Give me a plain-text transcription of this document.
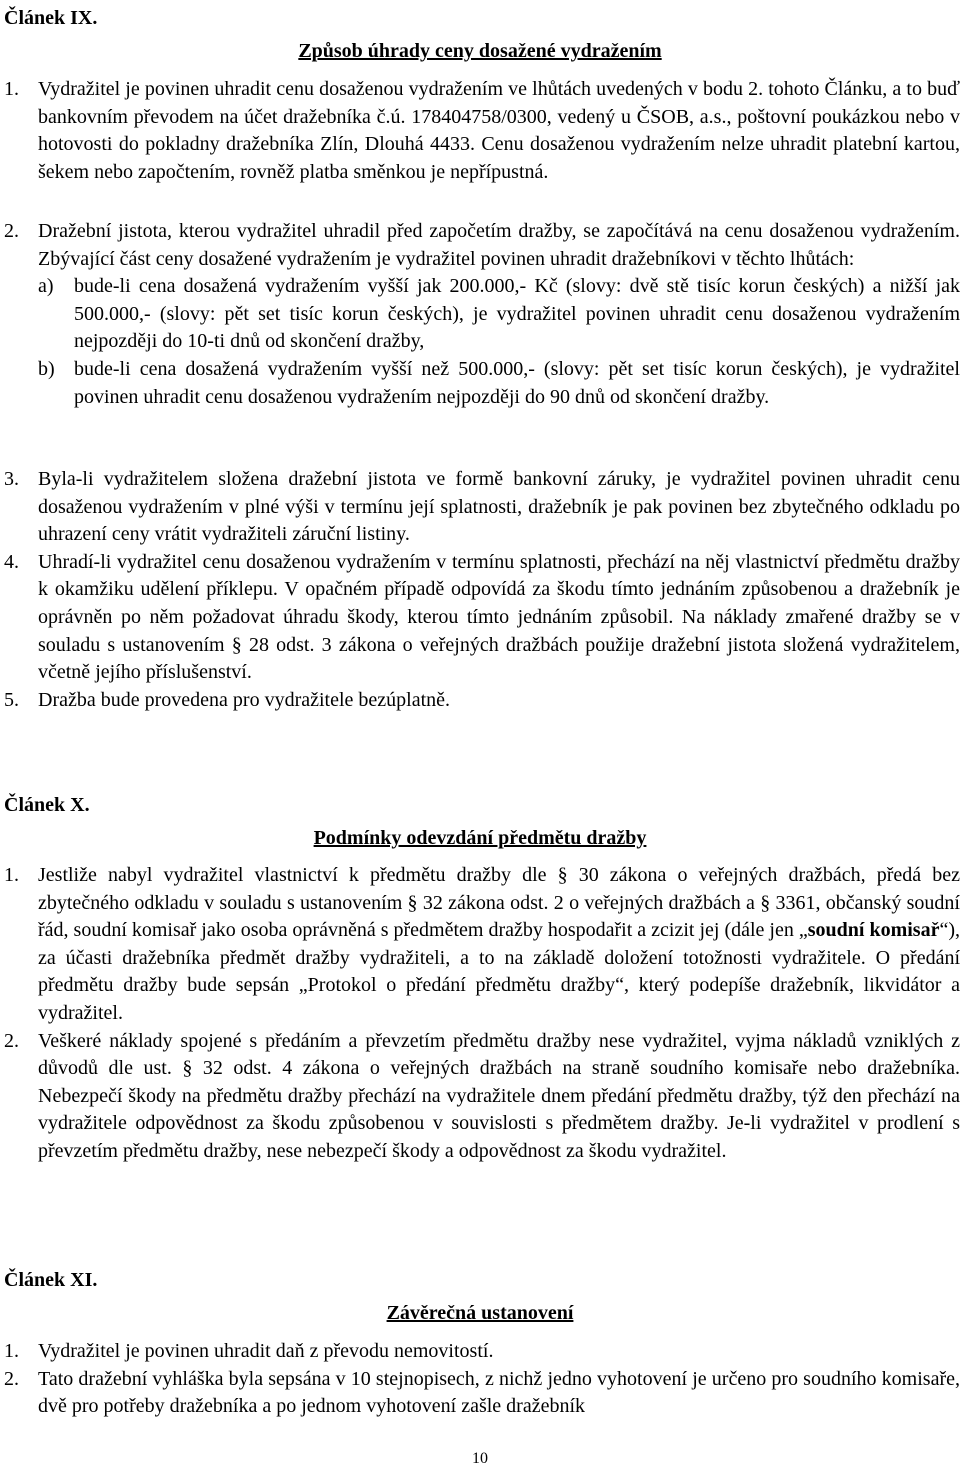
Článek IX.
Způsob úhrady ceny dosažené vydražením
1. Vydražitel je povinen uhradit cenu dosaženou vydražením ve lhůtách uvedených v bodu 2. tohoto Článku, a to buď bankovním převodem na účet dražebníka č.ú. 178404758/0300, vedený u ČSOB, a.s., poštovní poukázkou nebo v hotovosti do pokladny dražebníka Zlín, Dlouhá 4433. Cenu dosaženou vydražením nelze uhradit platební kartou, šekem nebo započtením, rovněž platba směnkou je nepřípustná.
2. Dražební jistota, kterou vydražitel uhradil před započetím dražby, se započítává na cenu dosaženou vydražením. Zbývající část ceny dosažené vydražením je vydražitel povinen uhradit dražebníkovi v těchto lhůtách:
a) bude-li cena dosažená vydražením vyšší jak 200.000,- Kč (slovy: dvě stě tisíc korun českých) a nižší jak 500.000,- (slovy: pět set tisíc korun českých), je vydražitel povinen uhradit cenu dosaženou vydražením nejpozději do 10-ti dnů od skončení dražby,
b) bude-li cena dosažená vydražením vyšší než 500.000,- (slovy: pět set tisíc korun českých), je vydražitel povinen uhradit cenu dosaženou vydražením nejpozději do 90 dnů od skončení dražby.
3. Byla-li vydražitelem složena dražební jistota ve formě bankovní záruky, je vydražitel povinen uhradit cenu dosaženou vydražením v plné výši v termínu její splatnosti, dražebník je pak povinen bez zbytečného odkladu po uhrazení ceny vrátit vydražiteli záruční listiny.
4. Uhradí-li vydražitel cenu dosaženou vydražením v termínu splatnosti, přechází na něj vlastnictví předmětu dražby k okamžiku udělení příklepu. V opačném případě odpovídá za škodu tímto jednáním způsobenou a dražebník je oprávněn po něm požadovat úhradu škody, kterou tímto jednáním způsobil. Na náklady zmařené dražby se v souladu s ustanovením § 28 odst. 3 zákona o veřejných dražbách použije dražební jistota složená vydražitelem, včetně jejího příslušenství.
5. Dražba bude provedena pro vydražitele bezúplatně.
Článek X.
Podmínky odevzdání předmětu dražby
1. Jestliže nabyl vydražitel vlastnictví k předmětu dražby dle § 30 zákona o veřejných dražbách, předá bez zbytečného odkladu v souladu s ustanovením § 32 zákona odst. 2 o veřejných dražbách a § 3361, občanský soudní řád, soudní komisař jako osoba oprávněná s předmětem dražby hospodařit a zcizit jej (dále jen „soudní komisař“), za účasti dražebníka předmět dražby vydražiteli, a to na základě doložení totožnosti vydražitele. O předání předmětu dražby bude sepsán „Protokol o předání předmětu dražby“, který podepíše dražebník, likvidátor a vydražitel.
2. Veškeré náklady spojené s předáním a převzetím předmětu dražby nese vydražitel, vyjma nákladů vzniklých z důvodů dle ust. § 32 odst. 4 zákona o veřejných dražbách na straně soudního komisaře nebo dražebníka. Nebezpečí škody na předmětu dražby přechází na vydražitele dnem předání předmětu dražby, týž den přechází na vydražitele odpovědnost za škodu způsobenou v souvislosti s předmětem dražby. Je-li vydražitel v prodlení s převzetím předmětu dražby, nese nebezpečí škody a odpovědnost za škodu vydražitel.
Článek XI.
Závěrečná ustanovení
1. Vydražitel je povinen uhradit daň z převodu nemovitostí.
2. Tato dražební vyhláška byla sepsána v 10 stejnopisech, z nichž jedno vyhotovení je určeno pro soudního komisaře, dvě pro potřeby dražebníka a po jednom vyhotovení zašle dražebník
10
